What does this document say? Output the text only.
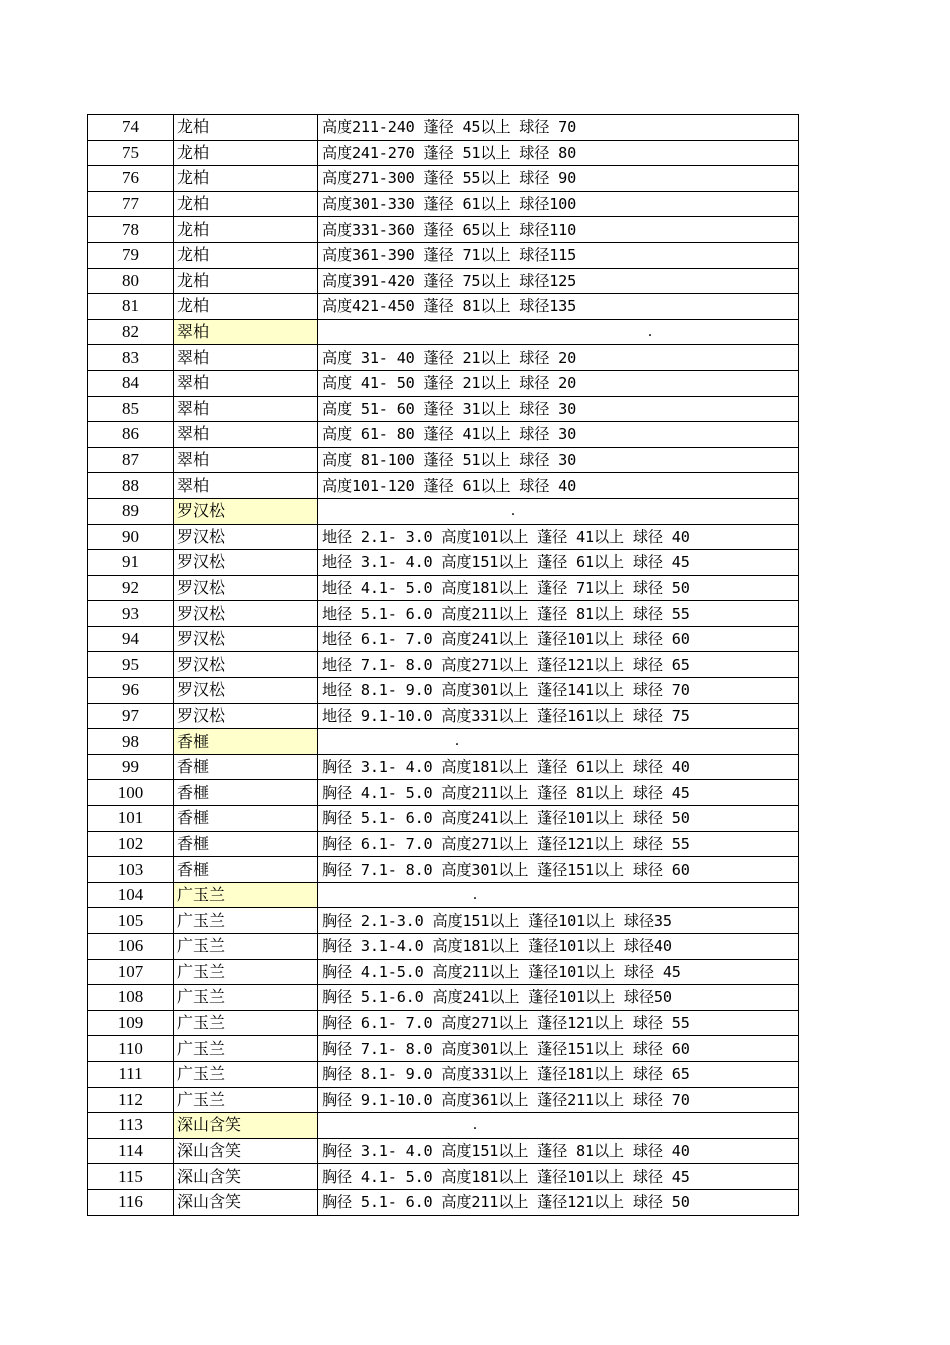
74	龙柏	高度211-240 蓬径 45以上 球径 70
75	龙柏	高度241-270 蓬径 51以上 球径 80
76	龙柏	高度271-300 蓬径 55以上 球径 90
77	龙柏	高度301-330 蓬径 61以上 球径100
78	龙柏	高度331-360 蓬径 65以上 球径110
79	龙柏	高度361-390 蓬径 71以上 球径115
80	龙柏	高度391-420 蓬径 75以上 球径125
81	龙柏	高度421-450 蓬径 81以上 球径135
82	翠柏	.

83	翠柏	高度 31- 40 蓬径 21以上 球径 20
84	翠柏	高度 41- 50 蓬径 21以上 球径 20
85	翠柏	高度 51- 60 蓬径 31以上 球径 30
86	翠柏	高度 61- 80 蓬径 41以上 球径 30
87	翠柏	高度 81-100 蓬径 51以上 球径 30
88	翠柏	高度101-120 蓬径 61以上 球径 40
89	罗汉松	.

90	罗汉松	地径 2.1- 3.0 高度101以上 蓬径 41以上 球径 40
91	罗汉松	地径 3.1- 4.0 高度151以上 蓬径 61以上 球径 45
92	罗汉松	地径 4.1- 5.0 高度181以上 蓬径 71以上 球径 50
93	罗汉松	地径 5.1- 6.0 高度211以上 蓬径 81以上 球径 55
94	罗汉松	地径 6.1- 7.0 高度241以上 蓬径101以上 球径 60
95	罗汉松	地径 7.1- 8.0 高度271以上 蓬径121以上 球径 65
96	罗汉松	地径 8.1- 9.0 高度301以上 蓬径141以上 球径 70
97	罗汉松	地径 9.1-10.0 高度331以上 蓬径161以上 球径 75
98	香榧	.

99	香榧	胸径 3.1- 4.0 高度181以上 蓬径 61以上 球径 40
100	香榧	胸径 4.1- 5.0 高度211以上 蓬径 81以上 球径 45
101	香榧	胸径 5.1- 6.0 高度241以上 蓬径101以上 球径 50
102	香榧	胸径 6.1- 7.0 高度271以上 蓬径121以上 球径 55
103	香榧	胸径 7.1- 8.0 高度301以上 蓬径151以上 球径 60
104	广玉兰	.

105	广玉兰	胸径 2.1-3.0 高度151以上 蓬径101以上 球径35
106	广玉兰	胸径 3.1-4.0 高度181以上 蓬径101以上 球径40
107	广玉兰	胸径 4.1-5.0 高度211以上 蓬径101以上 球径 45
108	广玉兰	胸径 5.1-6.0 高度241以上 蓬径101以上 球径50
109	广玉兰	胸径 6.1- 7.0 高度271以上 蓬径121以上 球径 55
110	广玉兰	胸径 7.1- 8.0 高度301以上 蓬径151以上 球径 60
111	广玉兰	胸径 8.1- 9.0 高度331以上 蓬径181以上 球径 65
112	广玉兰	胸径 9.1-10.0 高度361以上 蓬径211以上 球径 70
113	深山含笑	.

114	深山含笑	胸径 3.1- 4.0 高度151以上 蓬径 81以上 球径 40
115	深山含笑	胸径 4.1- 5.0 高度181以上 蓬径101以上 球径 45
116	深山含笑	胸径 5.1- 6.0 高度211以上 蓬径121以上 球径 50
